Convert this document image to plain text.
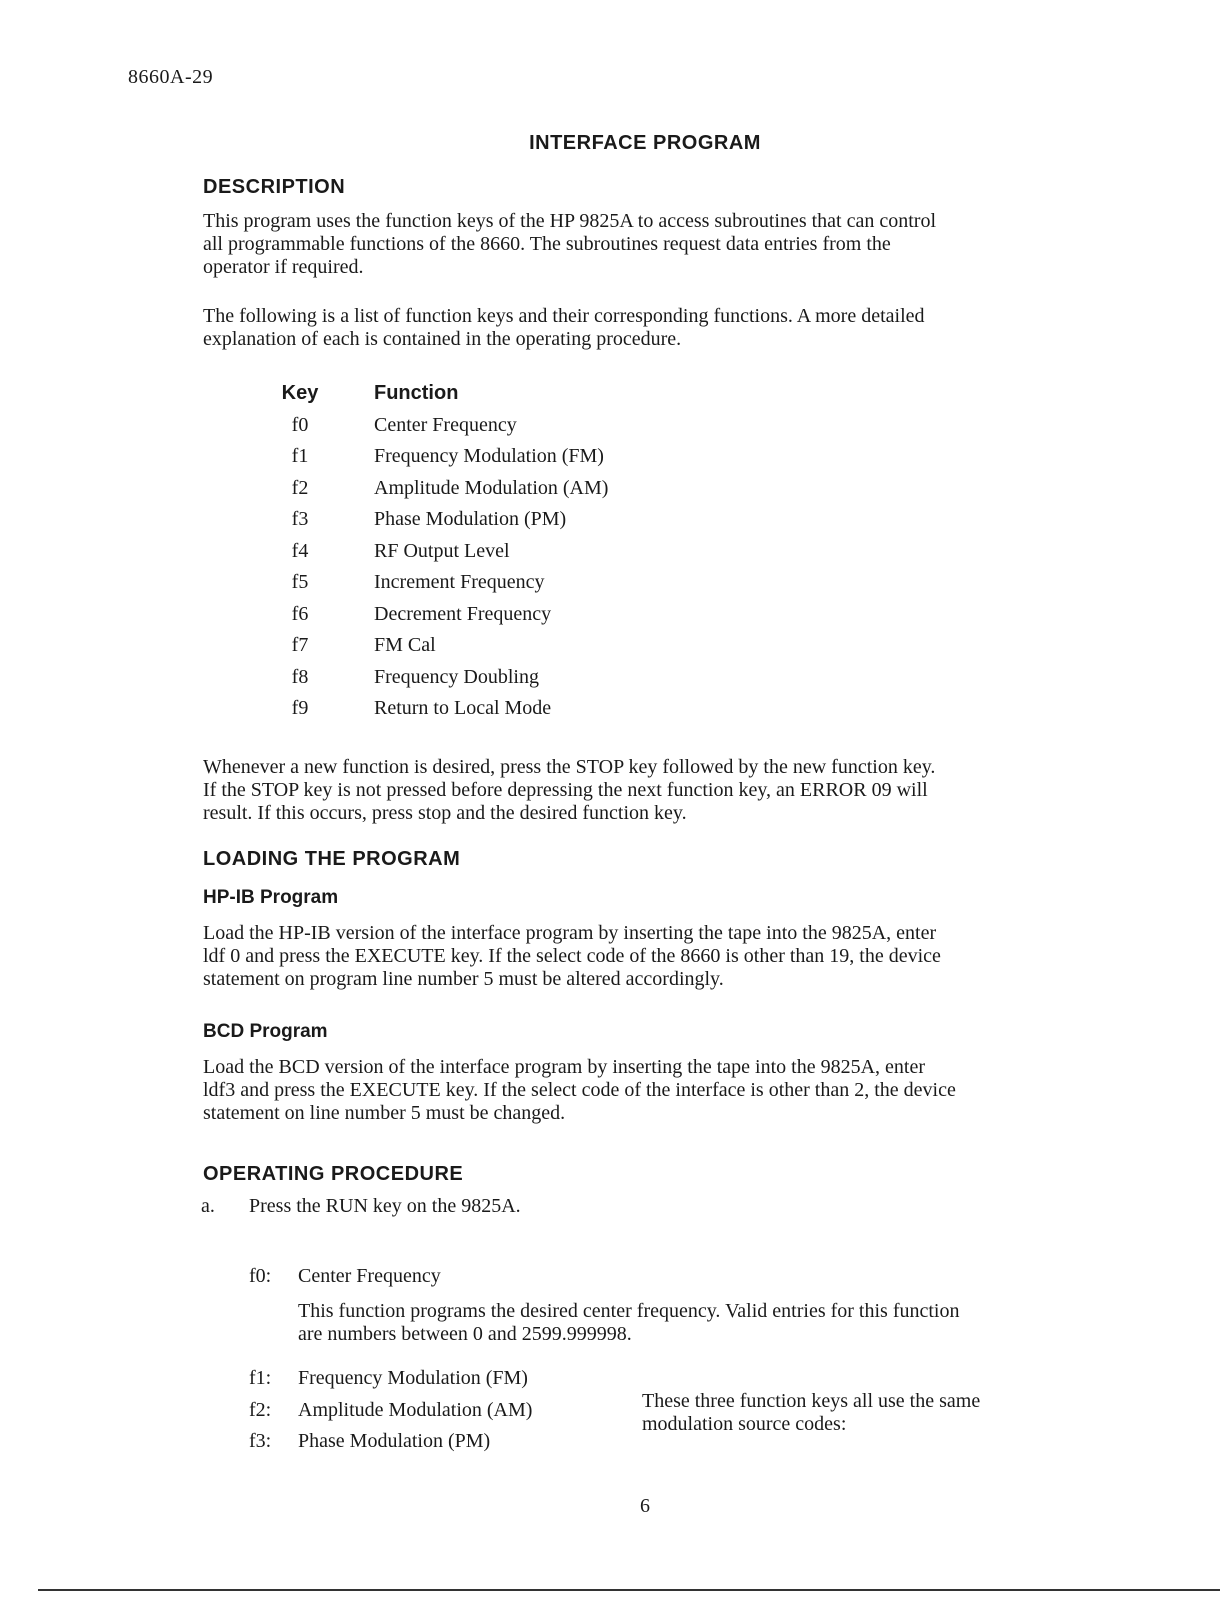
8660A-29
INTERFACE PROGRAM
DESCRIPTION
This program uses the function keys of the HP 9825A to access subroutines that can control
all programmable functions of the 8660. The subroutines request data entries from the
operator if required.
The following is a list of function keys and their corresponding functions. A more detailed
explanation of each is contained in the operating procedure.
Key	Function
f0	Center Frequency
f1	Frequency Modulation (FM)
f2	Amplitude Modulation (AM)
f3	Phase Modulation (PM)
f4	RF Output Level
f5	Increment Frequency
f6	Decrement Frequency
f7	FM Cal
f8	Frequency Doubling
f9	Return to Local Mode
Whenever a new function is desired, press the STOP key followed by the new function key.
If the STOP key is not pressed before depressing the next function key, an ERROR 09 will
result. If this occurs, press stop and the desired function key.
LOADING THE PROGRAM
HP-IB Program
Load the HP-IB version of the interface program by inserting the tape into the 9825A, enter
ldf 0 and press the EXECUTE key. If the select code of the 8660 is other than 19, the device
statement on program line number 5 must be altered accordingly.
BCD Program
Load the BCD version of the interface program by inserting the tape into the 9825A, enter
ldf3 and press the EXECUTE key. If the select code of the interface is other than 2, the device
statement on line number 5 must be changed.
OPERATING PROCEDURE
a. Press the RUN key on the 9825A.
f0: Center Frequency
This function programs the desired center frequency. Valid entries for this function
are numbers between 0 and 2599.999998.
f1: Frequency Modulation (FM)
f2: Amplitude Modulation (AM)
f3: Phase Modulation (PM)
These three function keys all use the same
modulation source codes:
6
